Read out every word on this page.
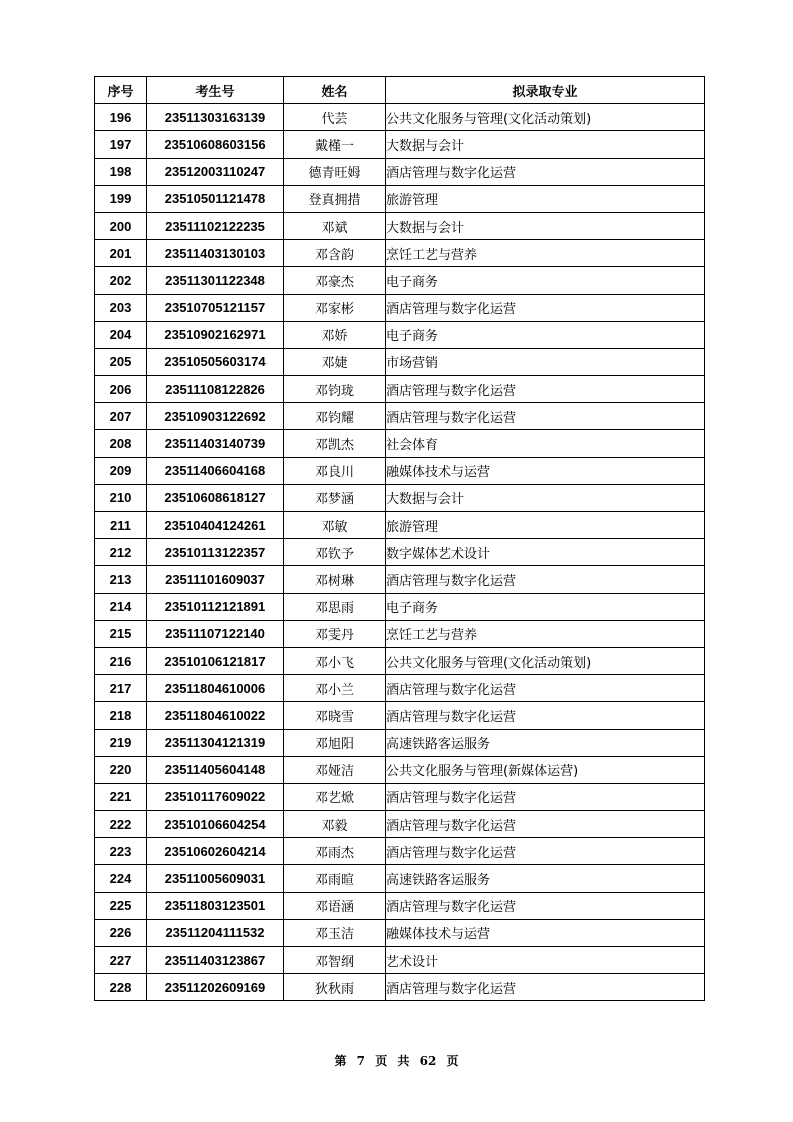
序号	考生号	姓名	拟录取专业
196	23511303163139	代芸	公共文化服务与管理(文化活动策划)
197	23510608603156	戴槿一	大数据与会计
198	23512003110247	德青旺姆	酒店管理与数字化运营
199	23510501121478	登真拥措	旅游管理
200	23511102122235	邓斌	大数据与会计
201	23511403130103	邓含韵	烹饪工艺与营养
202	23511301122348	邓豪杰	电子商务
203	23510705121157	邓家彬	酒店管理与数字化运营
204	23510902162971	邓娇	电子商务
205	23510505603174	邓婕	市场营销
206	23511108122826	邓钧珑	酒店管理与数字化运营
207	23510903122692	邓钧耀	酒店管理与数字化运营
208	23511403140739	邓凯杰	社会体育
209	23511406604168	邓良川	融媒体技术与运营
210	23510608618127	邓梦涵	大数据与会计
211	23510404124261	邓敏	旅游管理
212	23510113122357	邓钦予	数字媒体艺术设计
213	23511101609037	邓树琳	酒店管理与数字化运营
214	23510112121891	邓思雨	电子商务
215	23511107122140	邓雯丹	烹饪工艺与营养
216	23510106121817	邓小飞	公共文化服务与管理(文化活动策划)
217	23511804610006	邓小兰	酒店管理与数字化运营
218	23511804610022	邓晓雪	酒店管理与数字化运营
219	23511304121319	邓旭阳	高速铁路客运服务
220	23511405604148	邓娅洁	公共文化服务与管理(新媒体运营)
221	23510117609022	邓艺焮	酒店管理与数字化运营
222	23510106604254	邓毅	酒店管理与数字化运营
223	23510602604214	邓雨杰	酒店管理与数字化运营
224	23511005609031	邓雨暄	高速铁路客运服务
225	23511803123501	邓语涵	酒店管理与数字化运营
226	23511204111532	邓玉洁	融媒体技术与运营
227	23511403123867	邓智纲	艺术设计
228	23511202609169	狄秋雨	酒店管理与数字化运营
第 7 页 共 62 页
